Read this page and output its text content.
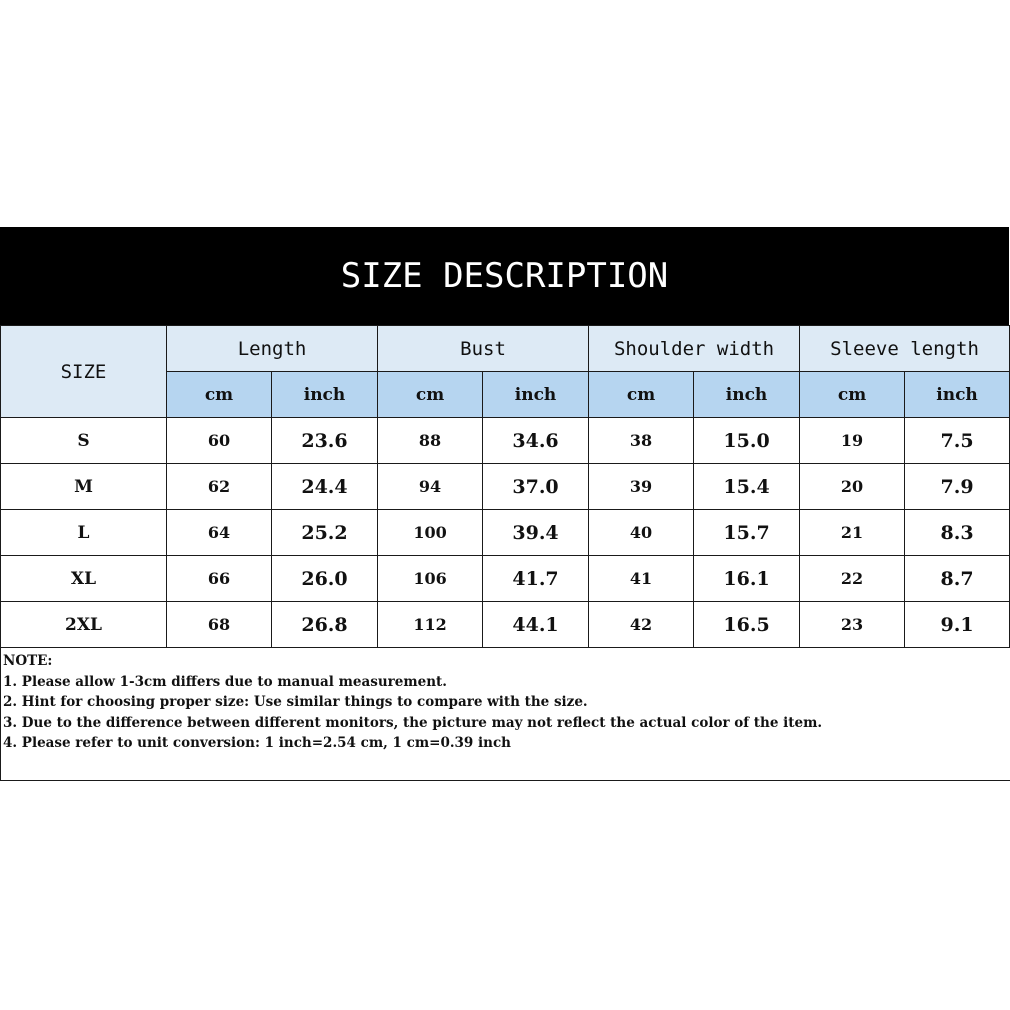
SIZE DESCRIPTION
SIZE	Length		Bust		Shoulder width		Sleeve length	
	cm	inch	cm	inch	cm	inch	cm	inch
S	60	23.6	88	34.6	38	15.0	19	7.5
M	62	24.4	94	37.0	39	15.4	20	7.9
L	64	25.2	100	39.4	40	15.7	21	8.3
XL	66	26.0	106	41.7	41	16.1	22	8.7
2XL	68	26.8	112	44.1	42	16.5	23	9.1
NOTE:
1. Please allow 1-3cm differs due to manual measurement.
2. Hint for choosing proper size: Use similar things to compare with the size.
3. Due to the difference between different monitors, the picture may not reflect the actual color of the item.
4. Please refer to unit conversion: 1 inch=2.54 cm, 1 cm=0.39 inch
